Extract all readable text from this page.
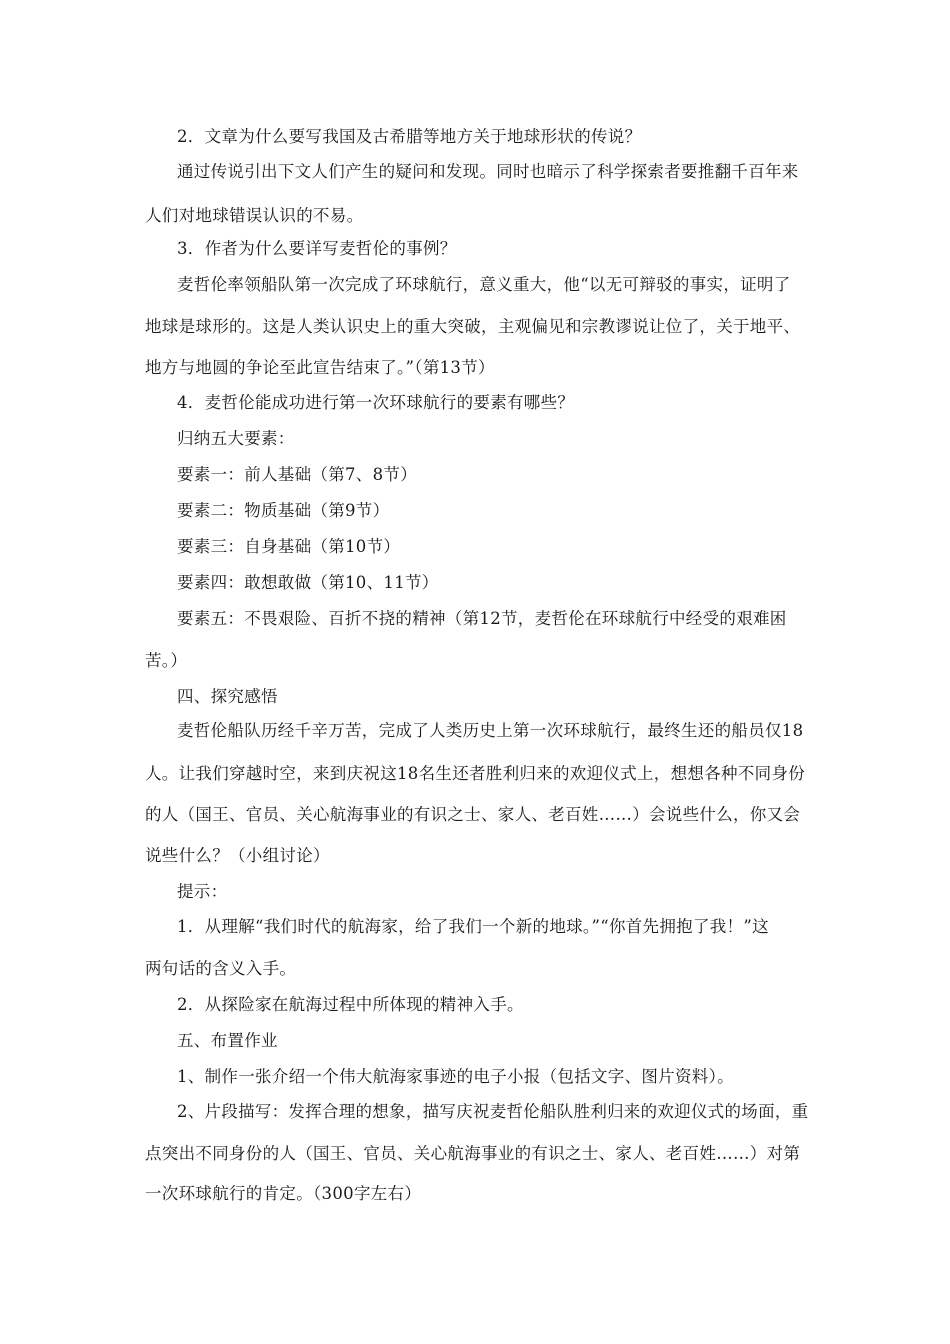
2．文章为什么要写我国及古希腊等地方关于地球形状的传说？
通过传说引出下文人们产生的疑问和发现。同时也暗示了科学探索者要推翻千百年来
人们对地球错误认识的不易。
3．作者为什么要详写麦哲伦的事例？
麦哲伦率领船队第一次完成了环球航行，意义重大，他“以无可辩驳的事实，证明了
地球是球形的。这是人类认识史上的重大突破，主观偏见和宗教谬说让位了，关于地平、
地方与地圆的争论至此宣告结束了。”（第13节）
4．麦哲伦能成功进行第一次环球航行的要素有哪些？
归纳五大要素：
要素一：前人基础（第7、8节）
要素二：物质基础（第9节）
要素三：自身基础（第10节）
要素四：敢想敢做（第10、11节）
要素五：不畏艰险、百折不挠的精神（第12节，麦哲伦在环球航行中经受的艰难困
苦。）
四、探究感悟
麦哲伦船队历经千辛万苦，完成了人类历史上第一次环球航行，最终生还的船员仅18
人。让我们穿越时空，来到庆祝这18名生还者胜利归来的欢迎仪式上，想想各种不同身份
的人（国王、官员、关心航海事业的有识之士、家人、老百姓……）会说些什么，你又会
说些什么？（小组讨论）
提示：
1．从理解“我们时代的航海家，给了我们一个新的地球。”“你首先拥抱了我！”这
两句话的含义入手。
2．从探险家在航海过程中所体现的精神入手。
五、布置作业
1、制作一张介绍一个伟大航海家事迹的电子小报（包括文字、图片资料）。
2、片段描写：发挥合理的想象，描写庆祝麦哲伦船队胜利归来的欢迎仪式的场面，重
点突出不同身份的人（国王、官员、关心航海事业的有识之士、家人、老百姓……）对第
一次环球航行的肯定。（300字左右）
